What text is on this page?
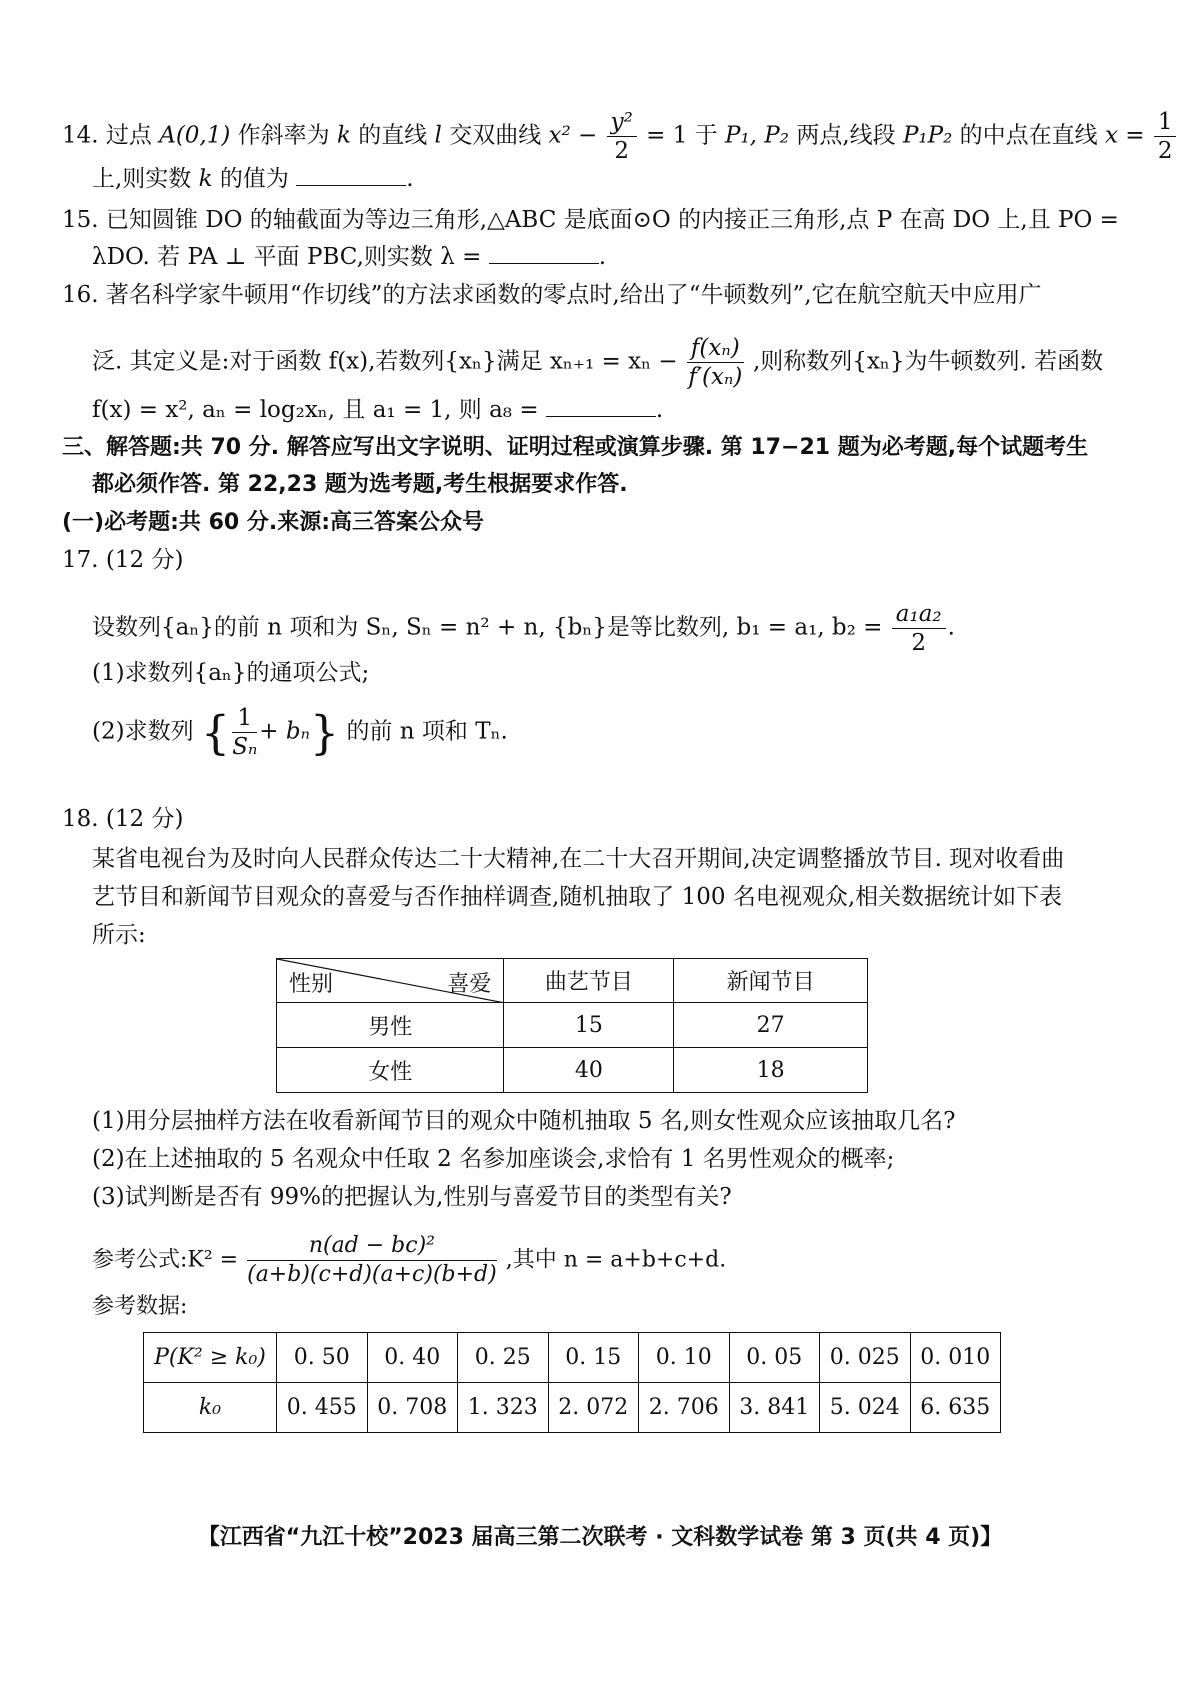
14. 过点 A(0,1) 作斜率为 k 的直线 l 交双曲线 $x^2 - \frac{\text{y²}}{2} = 1$ 于 P₁, P₂ 两点,线段 P₁P₂ 的中点在直线 $x = \frac{1}{2}$
上,则实数 k 的值为	.
15. 已知圆锥 DO 的轴截面为等边三角形,△ABC 是底面⊙O 的内接正三角形,点 P 在高 DO 上,且 PO =
λDO. 若 PA ⊥ 平面 PBC,则实数 λ =	.
16. 著名科学家牛顿用“作切线”的方法求函数的零点时,给出了“牛顿数列”,它在航空航天中应用广
泛. 其定义是:对于函数 f(x),若数列{xₙ}满足 $x_{n+1} = x_n - \frac{\text{f(xₙ)}}{\text{f′(xₙ)}}$ ,则称数列{xₙ}为牛顿数列. 若函数
f(x) = x², aₙ = log₂xₙ, 且 a₁ = 1, 则 a₈ =	.
三、解答题:共 70 分. 解答应写出文字说明、证明过程或演算步骤. 第 17−21 题为必考题,每个试题考生
都必须作答. 第 22,23 题为选考题,考生根据要求作答.
(一)必考题:共 60 分.来源:高三答案公众号
17. (12 分)
设数列{aₙ}的前 n 项和为 Sₙ, Sₙ = n² + n, {bₙ}是等比数列, b₁ = a₁, $b_2 = \frac{\text{a₁a₂}}{2}$ .
(1)求数列{aₙ}的通项公式;
(2)求数列 { $\frac{1}{\text{Sₙ}} + b_n$} 的前 n 项和 Tₙ.
18. (12 分)
某省电视台为及时向人民群众传达二十大精神,在二十大召开期间,决定调整播放节目. 现对收看曲
艺节目和新闻节目观众的喜爱与否作抽样调查,随机抽取了 100 名电视观众,相关数据统计如下表
所示:
性别 喜爱	曲艺节目	新闻节目
男性	15	27
女性	40	18
(1)用分层抽样方法在收看新闻节目的观众中随机抽取 5 名,则女性观众应该抽取几名?
(2)在上述抽取的 5 名观众中任取 2 名参加座谈会,求恰有 1 名男性观众的概率;
(3)试判断是否有 99%的把握认为,性别与喜爱节目的类型有关?
参考公式:K² = $\frac{\text{n(ad − bc)²}}{(a+b)(c+d)(a+c)(b+d)}$ ,其中 n = a+b+c+d.
参考数据:
P(K² ≥ k₀)	0. 50	0. 40	0. 25	0. 15	0. 10	0. 05	0. 025	0. 010
k₀	0. 455	0. 708	1. 323	2. 072	2. 706	3. 841	5. 024	6. 635
【江西省“九江十校”2023 届高三第二次联考 · 文科数学试卷 第 3 页(共 4 页)】
